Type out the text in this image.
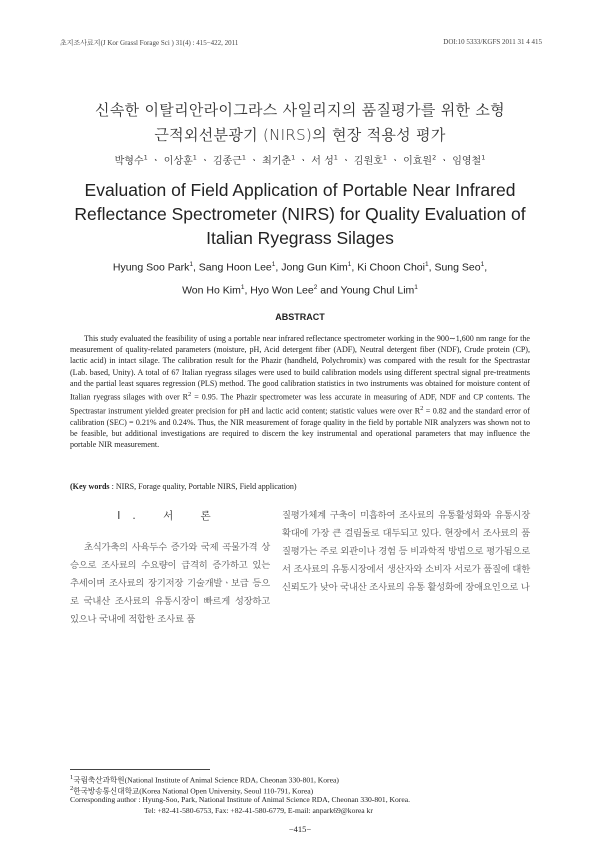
초지조사료지(J Kor Grassl Forage Sci ) 31(4) : 415−422, 2011	DOI:10 5333/KGFS 2011 31 4 415
신속한 이탈리안라이그라스 사일리지의 품질평가를 위한 소형
근적외선분광기 (NIRS)의 현장 적용성 평가
박형수$^1$ ㆍ 이상훈$^1$ ㆍ 김종근$^1$ ㆍ 최기춘$^1$ ㆍ 서 성$^1$ ㆍ 김원호$^1$ ㆍ 이효원$^2$ ㆍ 임영철$^1$
Evaluation of Field Application of Portable Near Infrared
Reflectance Spectrometer (NIRS) for Quality Evaluation of
Italian Ryegrass Silages
Hyung Soo Park$^1$, Sang Hoon Lee$^1$, Jong Gun Kim$^1$, Ki Choon Choi$^1$, Sung Seo$^1$,
Won Ho Kim$^1$, Hyo Won Lee$^2$ and Young Chul Lim$^1$
ABSTRACT
This study evaluated the feasibility of using a portable near infrared reflectance spectrometer working in the 900∼1,600 nm range for the measurement of quality-related parameters (moisture, pH, Acid detergent fiber (ADF), Neutral detergent fiber (NDF), Crude protein (CP), lactic acid) in intact silage. The calibration result for the Phazir (handheld, Polychromix) was compared with the result for the Spectrastar (Lab. based, Unity). A total of 67 Italian ryegrass silages were used to build calibration models using different spectral signal pre-treatments and the partial least squares regression (PLS) method. The good calibration statistics in two instruments was obtained for moisture content of Italian ryegrass silages with over $R^2 = 0.95$. The Phazir spectrometer was less accurate in measuring of ADF, NDF and CP contents. The Spectrastar instrument yielded greater precision for pH and lactic acid content; statistic values were over $R^2 = 0.82$ and the standard error of calibration (SEC) = 0.21% and 0.24%. Thus, the NIR measurement of forage quality in the field by portable NIR analyzers was shown not to be feasible, but additional investigations are required to discern the key instrumental and operational parameters that may influence the portable NIR measurement.
(Key words : NIRS, Forage quality, Portable NIRS, Field application)
Ⅰ. 서 론
초식가축의 사육두수 증가와 국제 곡물가격 상승으로 조사료의 수요량이 급격히 증가하고 있는 추세이며 조사료의 장기저장 기술개발ㆍ보급 등으로 국내산 조사료의 유통시장이 빠르게 성장하고 있으나 국내에 적합한 조사료 품
질평가체계 구축이 미흡하여 조사료의 유통활성화와 유통시장 확대에 가장 큰 걸림돌로 대두되고 있다. 현장에서 조사료의 품질평가는 주로 외관이나 경험 등 비과학적 방법으로 평가됨으로서 조사료의 유통시장에서 생산자와 소비자 서로가 품질에 대한 신뢰도가 낮아 국내산 조사료의 유통 활성화에 장애요인으로 나
$^1$국립축산과학원(National Institute of Animal Science RDA, Cheonan 330-801, Korea)
$^2$한국방송통신대학교(Korea National Open University, Seoul 110-791, Korea)
Corresponding author : Hyung-Soo, Park, National Institute of Animal Science RDA, Cheonan 330-801, Korea.
Tel: +82-41-580-6753, Fax: +82-41-580-6779, E-mail: anpark69@korea kr
−415−
